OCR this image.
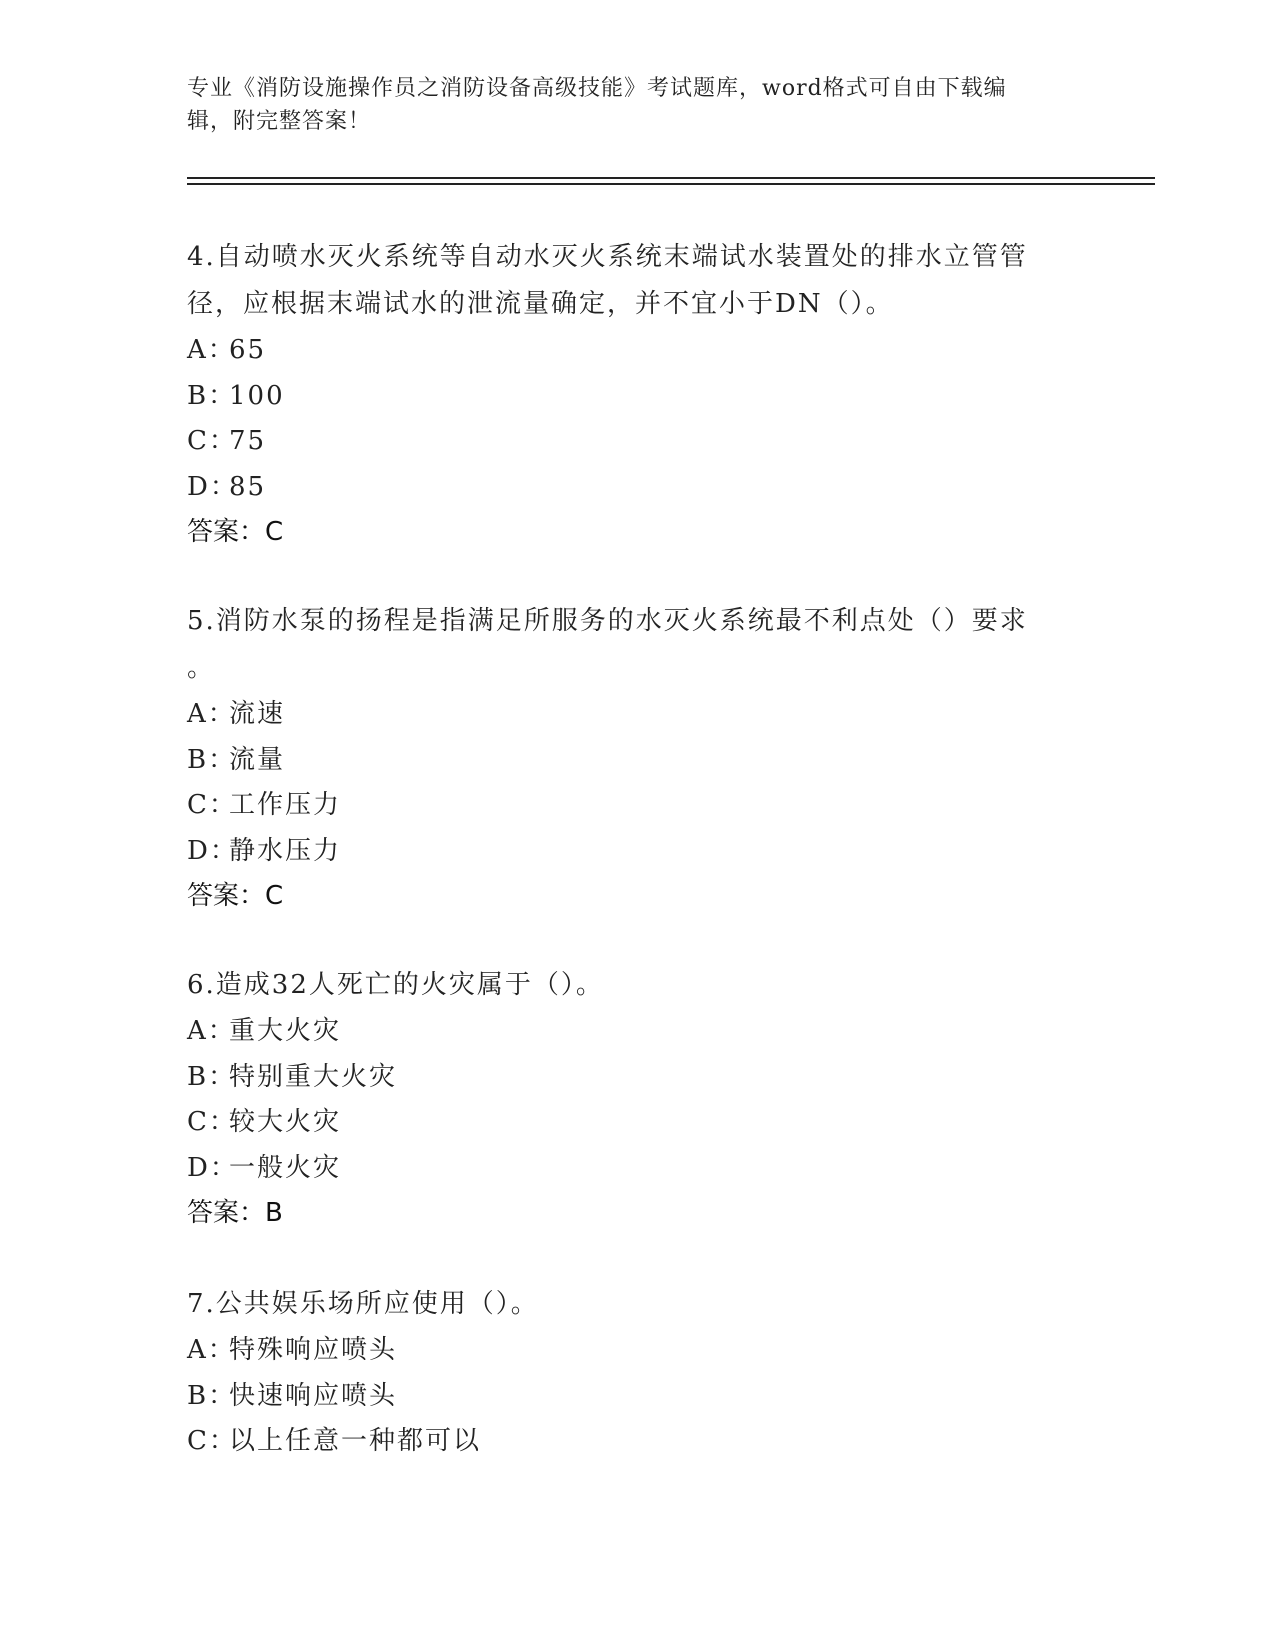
专业《消防设施操作员之消防设备高级技能》考试题库，word格式可自由下载编
辑，附完整答案！

4.自动喷水灭火系统等自动水灭火系统末端试水装置处的排水立管管

径，应根据末端试水的泄流量确定，并不宜小于DN（）。

A：65

B：100

C：75

D：85

答案：C

5.消防水泵的扬程是指满足所服务的水灭火系统最不利点处（）要求

。

A：流速

B：流量

C：工作压力

D：静水压力

答案：C

6.造成32人死亡的火灾属于（）。

A：重大火灾

B：特别重大火灾

C：较大火灾

D：一般火灾

答案：B

7.公共娱乐场所应使用（）。

A：特殊响应喷头

B：快速响应喷头

C：以上任意一种都可以
